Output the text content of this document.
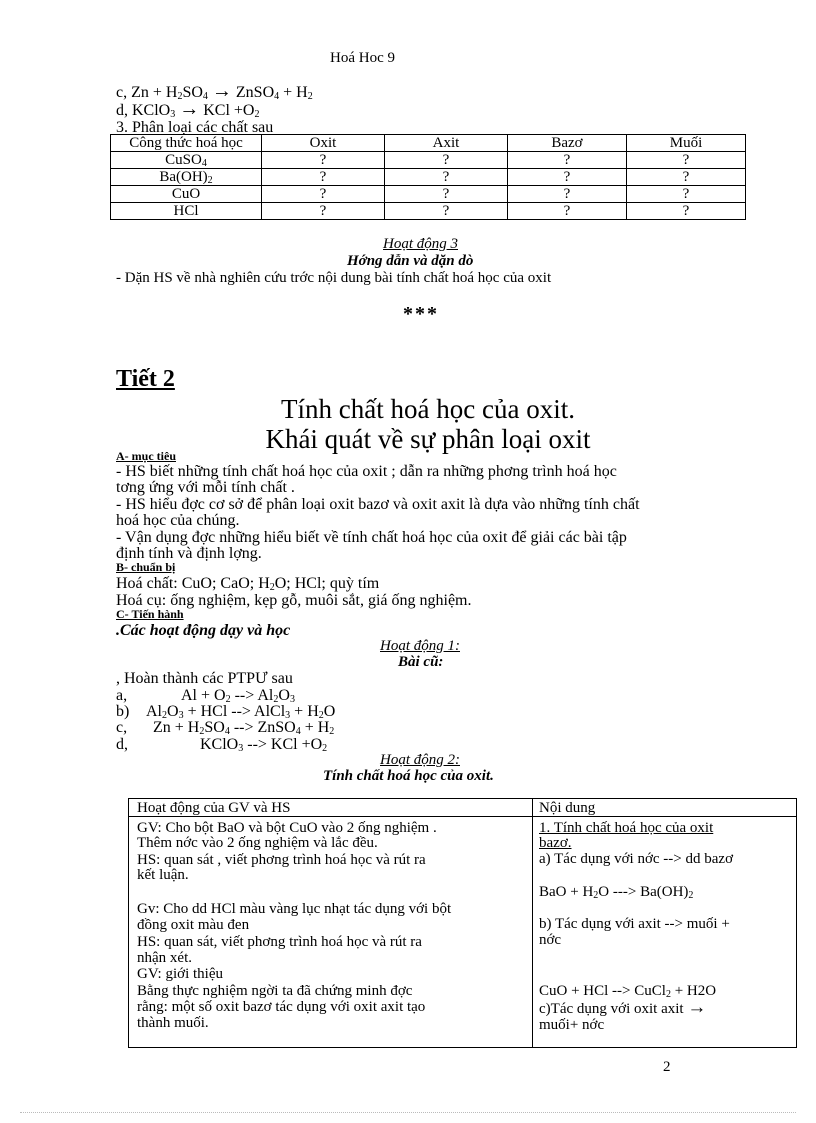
Hoá Hoc 9
c, $Zn + H_2SO_4$ → ZnSO$_4$ + $H_2$
d, KClO$_3$ → KCl $+O_2$
3. Phân loại các chất sau
Công thức hoá học	Oxit	Axit	Bazơ	Muối
CuSO$_4$	?	?	?	?
$Ba(OH)_2$	?	?	?	?
CuO	?	?	?	?
HCl	?	?	?	?
Hoạt động 3
Hớng dẫn và dặn dò
- Dặn HS về nhà nghiên cứu trớc nội dung bài tính chất hoá học của oxit
***
Tiết 2
Tính chất hoá học của oxit.
Khái quát về sự phân loại oxit
A- mục tiêu
- HS biết những tính chất hoá học của oxit ; dẫn ra những phơng trình hoá học
tơng ứng với mỗi tính chất .
- HS hiểu đợc cơ sở để phân loại oxit bazơ và oxit axit là dựa vào những tính chất
hoá học của chúng.
- Vận dụng đợc những hiểu biết về tính chất hoá học của oxit để giải các bài tập
định tính và định lợng.
B- chuẩn bị
Hoá chất: CuO; CaO; $H_2O$; HCl; quỳ tím
Hoá cụ: ống nghiệm, kẹp gỗ, muôi sắt, giá ống nghiệm.
C- Tiến hành
.Các hoạt động dạy và học
Hoạt động 1:
Bài cũ:
, Hoàn thành các PTPƯ sau
a,	$Al + O_2$ --> $Al_2O_3$
b) $Al_2O_3$ + HCl --> AlCl$_3$ + $H_2O$
c, $Zn + H_2SO_4$ --> ZnSO$_4$ + $H_2$
d,	KClO$_3$ --> KCl $+O_2$
Hoạt động 2:
Tính chất hoá học của oxit.
Hoạt động của GV và HS	Nội dung
GV: Cho bột BaO và bột CuO vào 2 ống nghiệm .
Thêm nớc vào 2 ống nghiệm và lắc đều.
HS: quan sát , viết phơng trình hoá học và rút ra
kết luận.
Gv: Cho dd HCl màu vàng lục nhạt tác dụng với bột
đồng oxit màu đen
HS: quan sát, viết phơng trình hoá học và rút ra
nhận xét.
GV: giới thiệu
Bằng thực nghiệm ngời ta đã chứng minh đợc
rằng: một số oxit bazơ tác dụng với oxit axit tạo
thành muối.
1. Tính chất hoá học của oxit
bazơ.
a) Tác dụng với nớc --> dd bazơ
BaO + $H_2O$ ---> $Ba(OH)_2$
b) Tác dụng với axit --> muối +
nớc
CuO + HCl --> CuCl$_2$ + H2O
c)Tác dụng với oxit axit →
muối+ nớc
2
